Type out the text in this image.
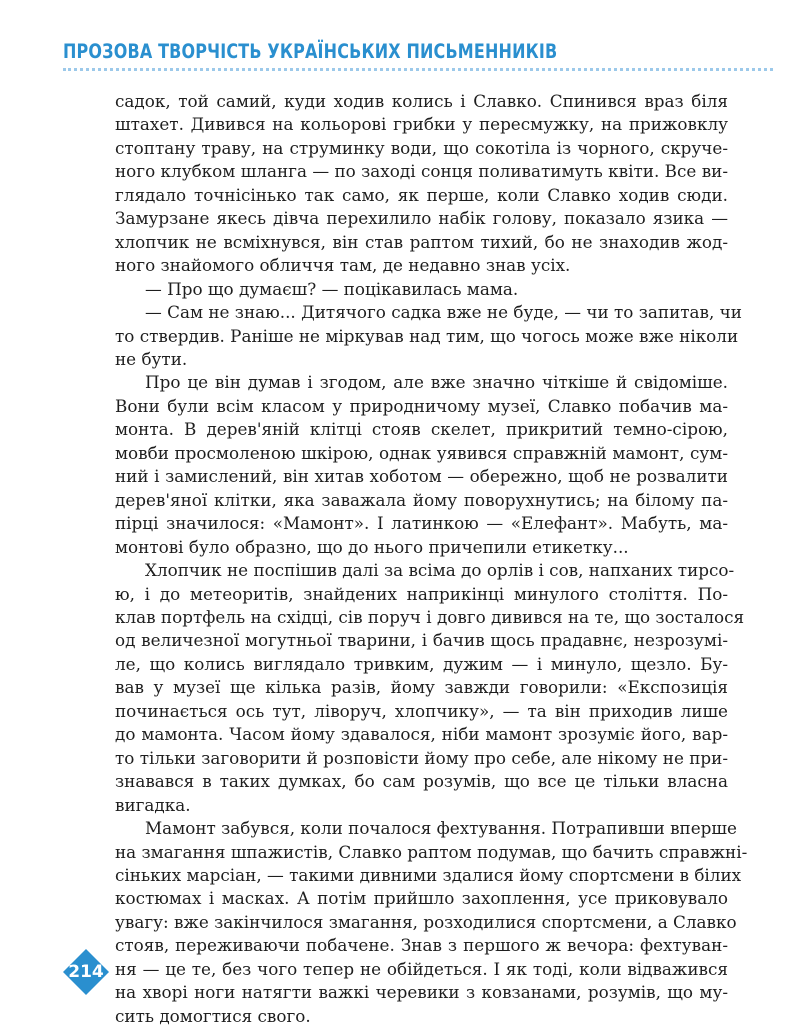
ПРОЗОВА ТВОРЧІСТЬ УКРАЇНСЬКИХ ПИСЬМЕННИКІВ
садок, той самий, куди ходив колись і Славко. Спинився враз біля
штахет. Дивився на кольорові грибки у пересмужку, на прижовклу
стоптану траву, на струминку води, що сокотіла із чорного, скруче-
ного клубком шланга — по заході сонця поливатимуть квіти. Все ви-
глядало точнісінько так само, як перше, коли Славко ходив сюди.
Замурзане якесь дівча перехилило набік голову, показало язика —
хлопчик не всміхнувся, він став раптом тихий, бо не знаходив жод-
ного знайомого обличчя там, де недавно знав усіх.
— Про що думаєш? — поцікавилась мама.
— Сам не знаю... Дитячого садка вже не буде, — чи то запитав, чи
то ствердив. Раніше не міркував над тим, що чогось може вже ніколи
не бути.
Про це він думав і згодом, але вже значно чіткіше й свідоміше.
Вони були всім класом у природничому музеї, Славко побачив ма-
монта. В дерев'яній клітці стояв скелет, прикритий темно-сірою,
мовби просмоленою шкірою, однак уявився справжній мамонт, сум-
ний і замислений, він хитав хоботом — обережно, щоб не розвалити
дерев'яної клітки, яка заважала йому поворухнутись; на білому па-
пірці значилося: «Мамонт». І латинкою — «Елефант». Мабуть, ма-
монтові було образно, що до нього причепили етикетку...
Хлопчик не поспішив далі за всіма до орлів і сов, напханих тирсо-
ю, і до метеоритів, знайдених наприкінці минулого століття. По-
клав портфель на східці, сів поруч і довго дивився на те, що зосталося
од величезної могутньої тварини, і бачив щось прадавнє, незрозумі-
ле, що колись виглядало тривким, дужим — і минуло, щезло. Бу-
вав у музеї ще кілька разів, йому завжди говорили: «Експозиція
починається ось тут, ліворуч, хлопчику», — та він приходив лише
до мамонта. Часом йому здавалося, ніби мамонт зрозуміє його, вар-
то тільки заговорити й розповісти йому про себе, але нікому не при-
знавався в таких думках, бо сам розумів, що все це тільки власна
вигадка.
Мамонт забувся, коли почалося фехтування. Потрапивши вперше
на змагання шпажистів, Славко раптом подумав, що бачить справжні-
сіньких марсіан, — такими дивними здалися йому спортсмени в білих
костюмах і масках. А потім прийшло захоплення, усе приковувало
увагу: вже закінчилося змагання, розходилися спортсмени, а Славко
стояв, переживаючи побачене. Знав з першого ж вечора: фехтуван-
ня — це те, без чого тепер не обійдеться. І як тоді, коли відважився
на хворі ноги натягти важкі черевики з ковзанами, розумів, що му-
сить домогтися свого.
214
